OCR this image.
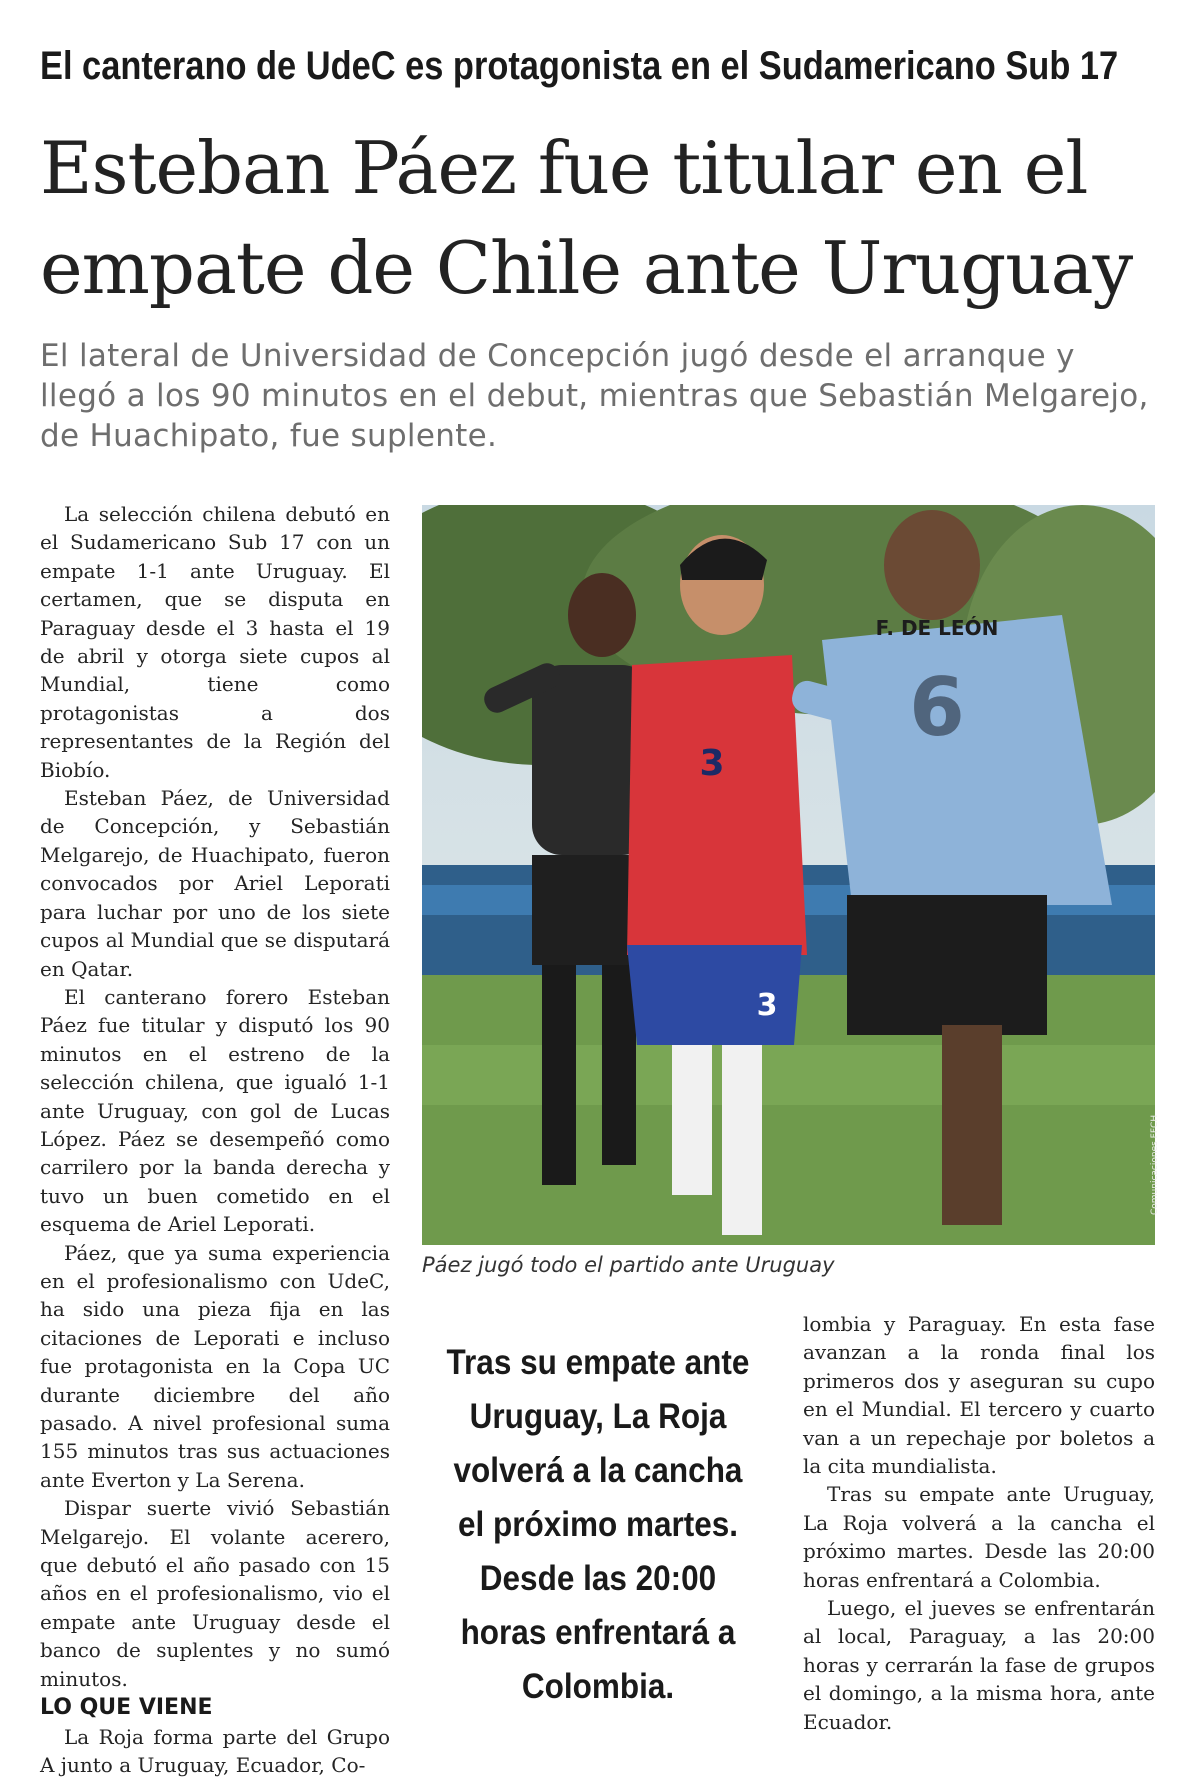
El canterano de UdeC es protagonista en el Sudamericano Sub 17
Esteban Páez fue titular en el empate de Chile ante Uruguay
El lateral de Universidad de Concepción jugó desde el arranque y llegó a los 90 minutos en el debut, mientras que Sebastián Melgarejo, de Huachipato, fue suplente.

La selección chilena debutó en el Sudamericano Sub 17 con un empate 1-1 ante Uruguay. El certamen, que se disputa en Paraguay desde el 3 hasta el 19 de abril y otorga siete cupos al Mundial, tiene como protagonistas a dos representantes de la Región del Biobío.

Esteban Páez, de Universidad de Concepción, y Sebastián Melgarejo, de Huachipato, fueron convocados por Ariel Leporati para luchar por uno de los siete cupos al Mundial que se disputará en Qatar.

El canterano forero Esteban Páez fue titular y disputó los 90 minutos en el estreno de la selección chilena, que igualó 1-1 ante Uruguay, con gol de Lucas López. Páez se desempeñó como carrilero por la banda derecha y tuvo un buen cometido en el esquema de Ariel Leporati.

Páez, que ya suma experiencia en el profesionalismo con UdeC, ha sido una pieza fija en las citaciones de Leporati e incluso fue protagonista en la Copa UC durante diciembre del año pasado. A nivel profesional suma 155 minutos tras sus actuaciones ante Everton y La Serena.

Dispar suerte vivió Sebastián Melgarejo. El volante acerero, que debutó el año pasado con 15 años en el profesionalismo, vio el empate ante Uruguay desde el banco de suplentes y no sumó minutos.

LO QUE VIENE

La Roja forma parte del Grupo A junto a Uruguay, Ecuador, Co-

3
3
F. DE LEÓN
6
Comunicaciones FFCH
Páez jugó todo el partido ante Uruguay
Tras su empate ante Uruguay, La Roja volverá a la cancha el próximo martes. Desde las 20:00 horas enfrentará a Colombia.

lombia y Paraguay. En esta fase avanzan a la ronda final los primeros dos y aseguran su cupo en el Mundial. El tercero y cuarto van a un repechaje por boletos a la cita mundialista.

Tras su empate ante Uruguay, La Roja volverá a la cancha el próximo martes. Desde las 20:00 horas enfrentará a Colombia.

Luego, el jueves se enfrentarán al local, Paraguay, a las 20:00 horas y cerrarán la fase de grupos el domingo, a la misma hora, ante Ecuador.
